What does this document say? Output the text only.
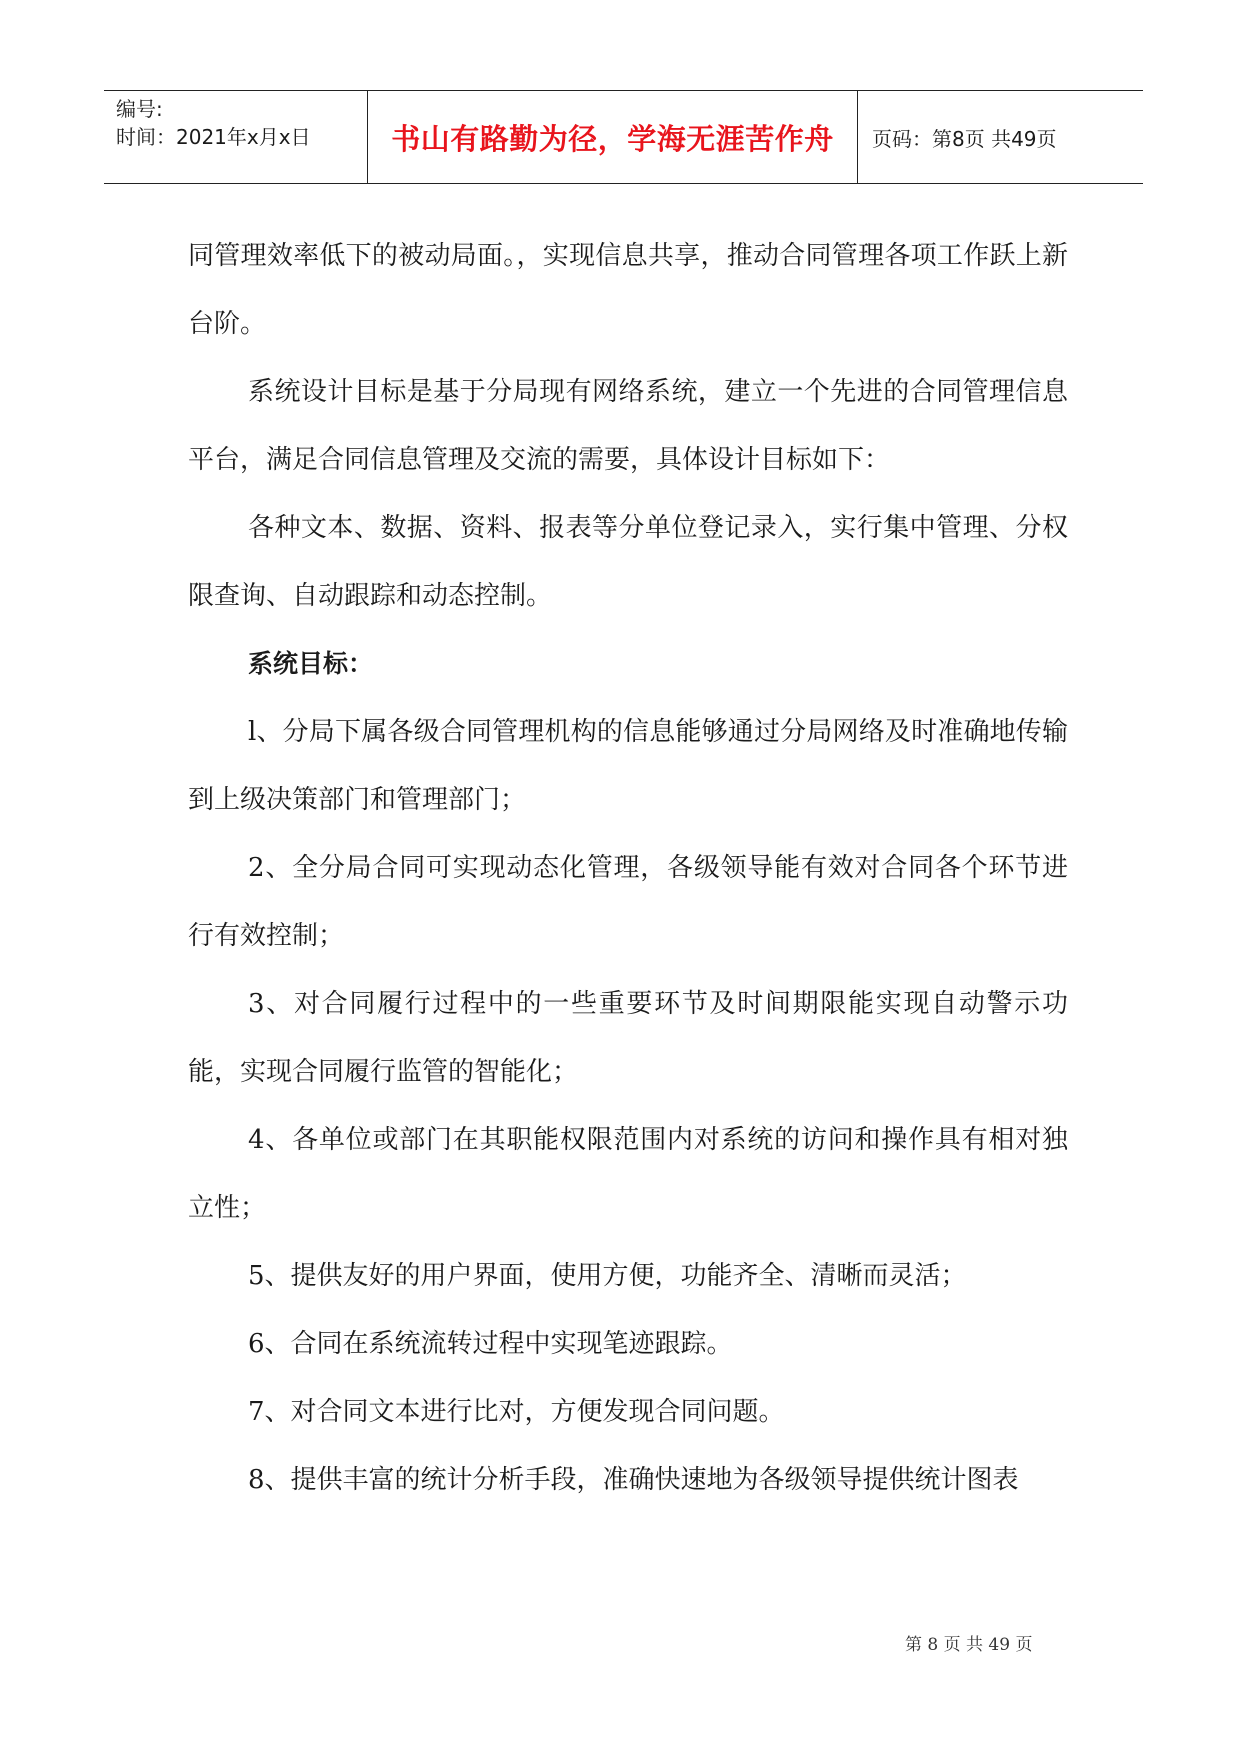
编号:
时间：2021年x月x日	书山有路勤为径，学海无涯苦作舟 页码：第8页 共49页

同管理效率低下的被动局面。，实现信息共享，推动合同管理各项工作跃上新台阶。

系统设计目标是基于分局现有网络系统，建立一个先进的合同管理信息平台，满足合同信息管理及交流的需要，具体设计目标如下：

各种文本、数据、资料、报表等分单位登记录入，实行集中管理、分权限查询、自动跟踪和动态控制。

系统目标：

l、分局下属各级合同管理机构的信息能够通过分局网络及时准确地传输到上级决策部门和管理部门；

2、全分局合同可实现动态化管理，各级领导能有效对合同各个环节进行有效控制；

3、对合同履行过程中的一些重要环节及时间期限能实现自动警示功能，实现合同履行监管的智能化；

4、各单位或部门在其职能权限范围内对系统的访问和操作具有相对独立性；

5、提供友好的用户界面，使用方便，功能齐全、清晰而灵活；

6、合同在系统流转过程中实现笔迹跟踪。

7、对合同文本进行比对，方便发现合同问题。

8、提供丰富的统计分析手段，准确快速地为各级领导提供统计图表

第 8 页 共 49 页
